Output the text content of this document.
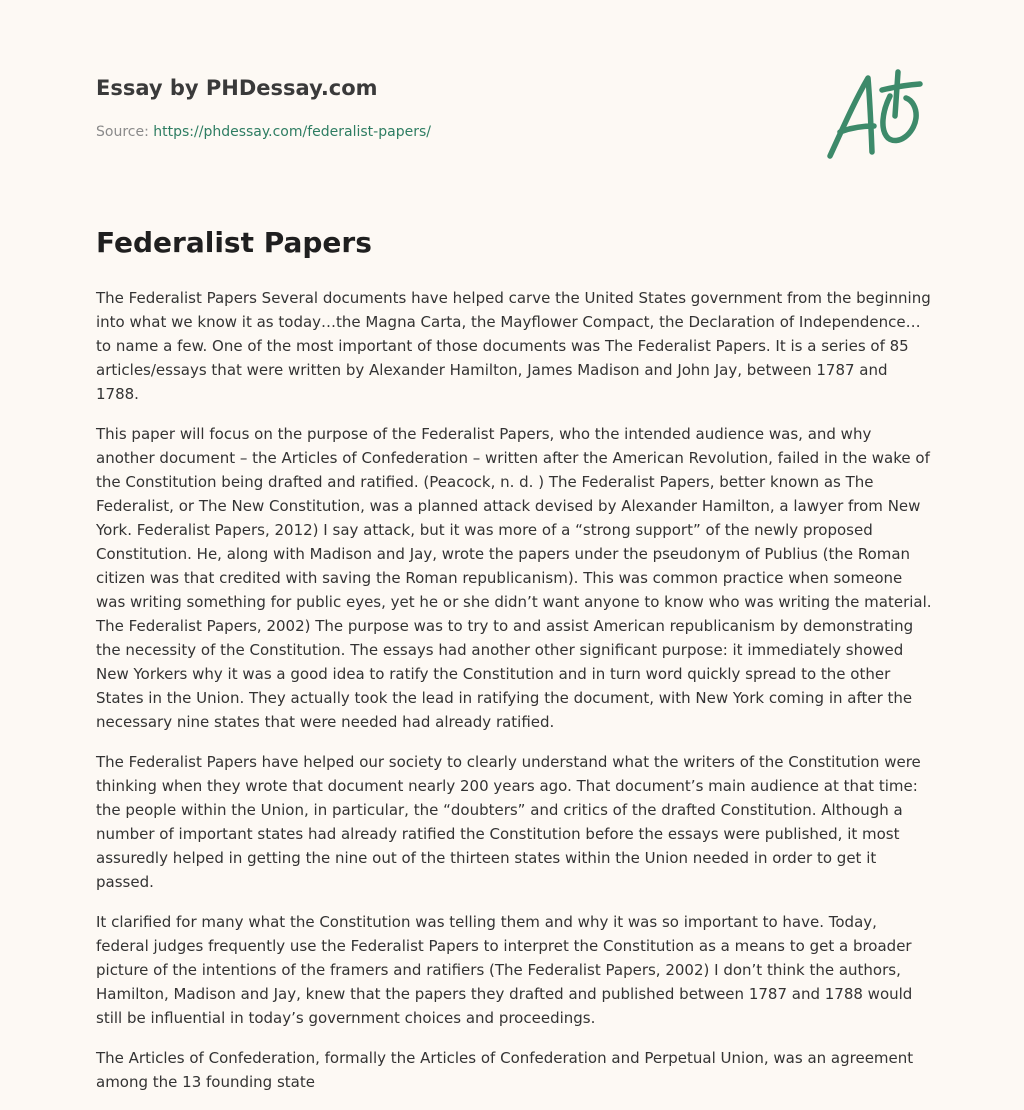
Essay by PHDessay.com
Source: https://phdessay.com/federalist-papers/
Federalist Papers

The Federalist Papers Several documents have helped carve the United States government from the beginning into what we know it as today…the Magna Carta, the Mayflower Compact, the Declaration of Independence…to name a few. One of the most important of those documents was The Federalist Papers. It is a series of 85 articles/essays that were written by Alexander Hamilton, James Madison and John Jay, between 1787 and 1788.

This paper will focus on the purpose of the Federalist Papers, who the intended audience was, and why another document – the Articles of Confederation – written after the American Revolution, failed in the wake of the Constitution being drafted and ratified. (Peacock, n. d. ) The Federalist Papers, better known as The Federalist, or The New Constitution, was a planned attack devised by Alexander Hamilton, a lawyer from New York. Federalist Papers, 2012) I say attack, but it was more of a “strong support” of the newly proposed Constitution. He, along with Madison and Jay, wrote the papers under the pseudonym of Publius (the Roman citizen was that credited with saving the Roman republicanism). This was common practice when someone was writing something for public eyes, yet he or she didn’t want anyone to know who was writing the material. The Federalist Papers, 2002) The purpose was to try to and assist American republicanism by demonstrating the necessity of the Constitution. The essays had another other significant purpose: it immediately showed New Yorkers why it was a good idea to ratify the Constitution and in turn word quickly spread to the other States in the Union. They actually took the lead in ratifying the document, with New York coming in after the necessary nine states that were needed had already ratified.

The Federalist Papers have helped our society to clearly understand what the writers of the Constitution were thinking when they wrote that document nearly 200 years ago. That document’s main audience at that time: the people within the Union, in particular, the “doubters” and critics of the drafted Constitution. Although a number of important states had already ratified the Constitution before the essays were published, it most assuredly helped in getting the nine out of the thirteen states within the Union needed in order to get it passed.

It clarified for many what the Constitution was telling them and why it was so important to have. Today, federal judges frequently use the Federalist Papers to interpret the Constitution as a means to get a broader picture of the intentions of the framers and ratifiers (The Federalist Papers, 2002) I don’t think the authors, Hamilton, Madison and Jay, knew that the papers they drafted and published between 1787 and 1788 would still be influential in today’s government choices and proceedings.

The Articles of Confederation, formally the Articles of Confederation and Perpetual Union, was an agreement among the 13 founding state
